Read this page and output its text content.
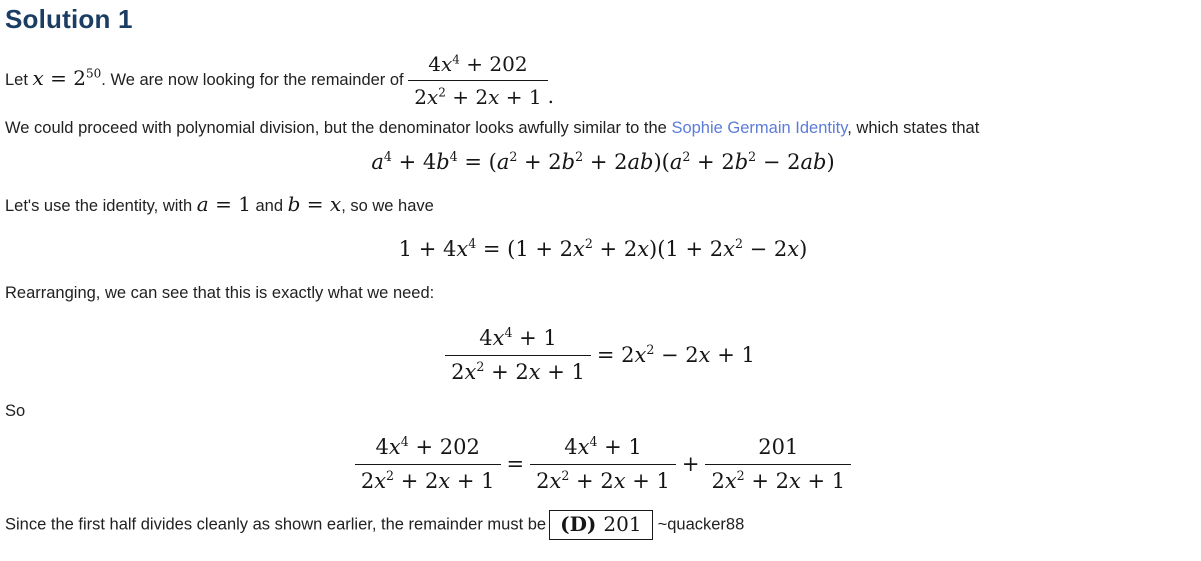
Solution 1

Let $x = 2^{50}$. We are now looking for the remainder of $\frac{4x^4 + 202}{2x^2 + 2x + 1}$ .

We could proceed with polynomial division, but the denominator looks awfully similar to the Sophie Germain Identity, which states that

$a^4 + 4b^4 = (a^2 + 2b^2 + 2ab)(a^2 + 2b^2 - 2ab)$

Let's use the identity, with a = 1 and b = x, so we have

$1 + 4x^4 = (1 + 2x^2 + 2x)(1 + 2x^2 - 2x)$

Rearranging, we can see that this is exactly what we need:

$\frac{4x^4 + 1}{2x^2 + 2x + 1} = 2x^2 - 2x + 1$

So

$\frac{4x^4 + 202}{2x^2 + 2x + 1} = \frac{4x^4 + 1}{2x^2 + 2x + 1} + \frac{201}{2x^2 + 2x + 1}$

Since the first half divides cleanly as shown earlier, the remainder must be (D) 201 ~quacker88
